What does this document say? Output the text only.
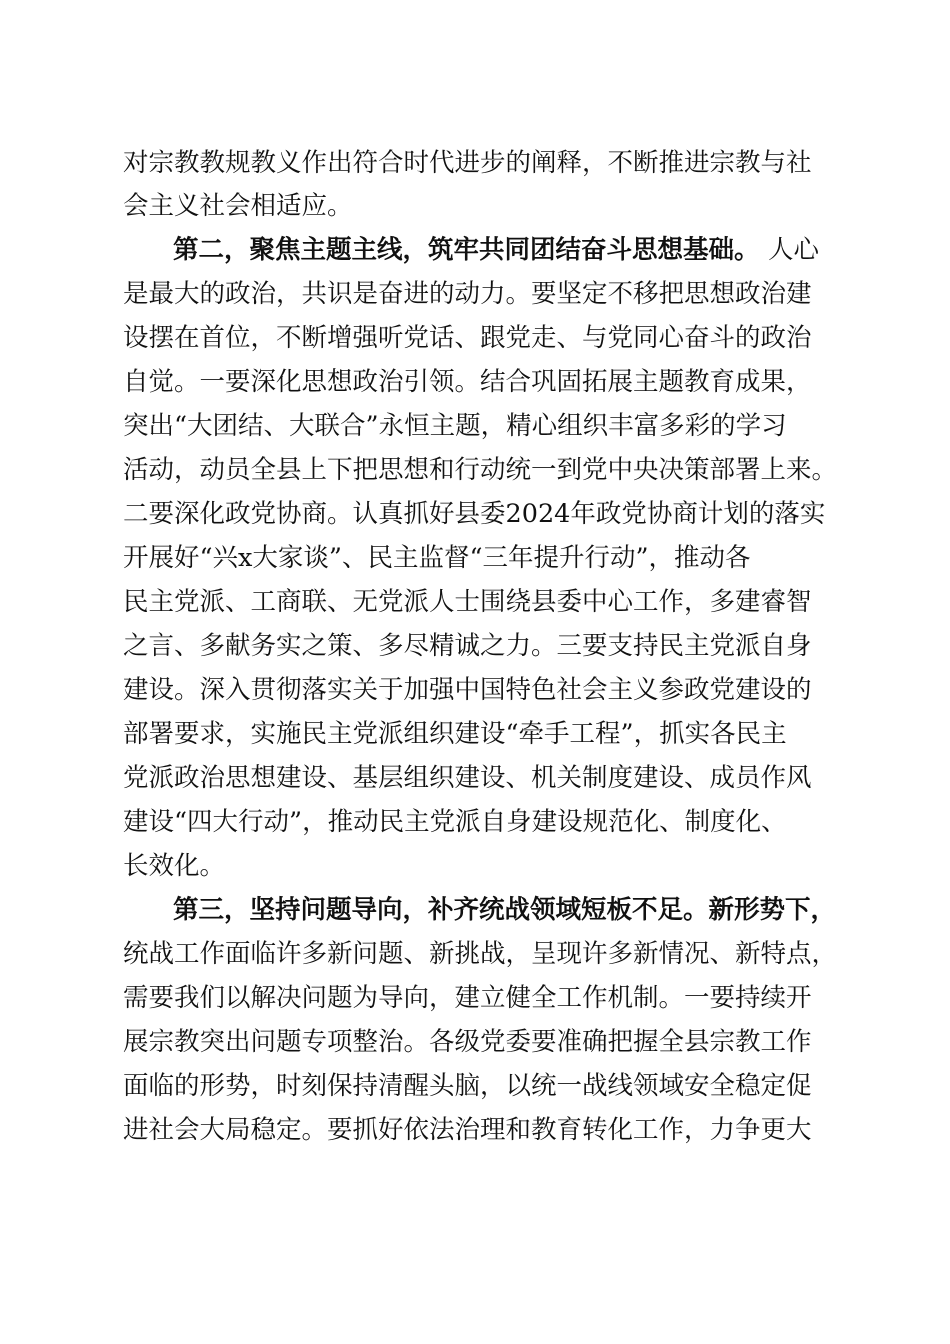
对宗教教规教义作出符合时代进步的阐释，不断推进宗教与社
会主义社会相适应。
第二，聚焦主题主线，筑牢共同团结奋斗思想基础。 人心
是最大的政治，共识是奋进的动力。要坚定不移把思想政治建
设摆在首位，不断增强听党话、跟党走、与党同心奋斗的政治
自觉。一要深化思想政治引领。结合巩固拓展主题教育成果，
突出“大团结、大联合”永恒主题，精心组织丰富多彩的学习
活动，动员全县上下把思想和行动统一到党中央决策部署上来。
二要深化政党协商。认真抓好县委2024年政党协商计划的落实
开展好“兴x大家谈”、民主监督“三年提升行动”，推动各
民主党派、工商联、无党派人士围绕县委中心工作，多建睿智
之言、多献务实之策、多尽精诚之力。三要支持民主党派自身
建设。深入贯彻落实关于加强中国特色社会主义参政党建设的
部署要求，实施民主党派组织建设“牵手工程”，抓实各民主
党派政治思想建设、基层组织建设、机关制度建设、成员作风
建设“四大行动”，推动民主党派自身建设规范化、制度化、
长效化。
第三，坚持问题导向，补齐统战领域短板不足。新形势下，
统战工作面临许多新问题、新挑战，呈现许多新情况、新特点，
需要我们以解决问题为导向，建立健全工作机制。一要持续开
展宗教突出问题专项整治。各级党委要准确把握全县宗教工作
面临的形势，时刻保持清醒头脑，以统一战线领域安全稳定促
进社会大局稳定。要抓好依法治理和教育转化工作，力争更大
